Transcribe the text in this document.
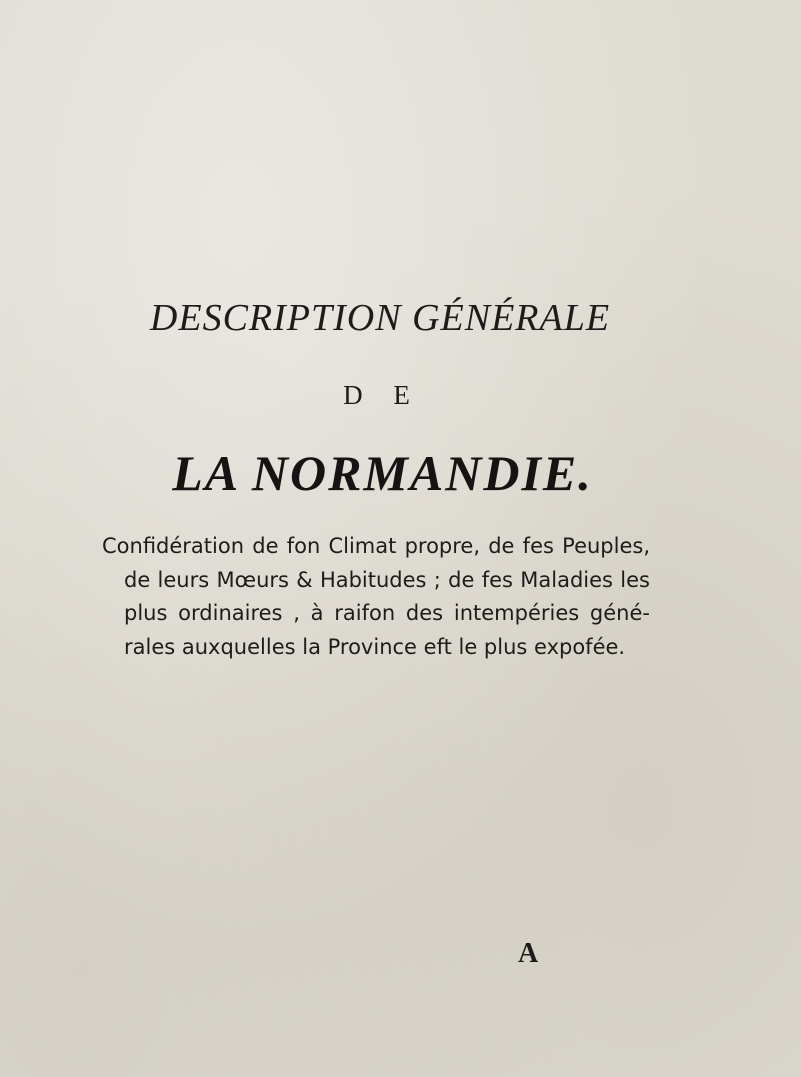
DESCRIPTION GÉNÉRALE
D E
LA NORMANDIE.
Confidération de fon Climat propre, de fes Peuples,
de leurs Mœurs & Habitudes ; de fes Maladies les
plus ordinaires , à raifon des intempéries géné-
rales auxquelles la Province eft le plus expofée.
A
